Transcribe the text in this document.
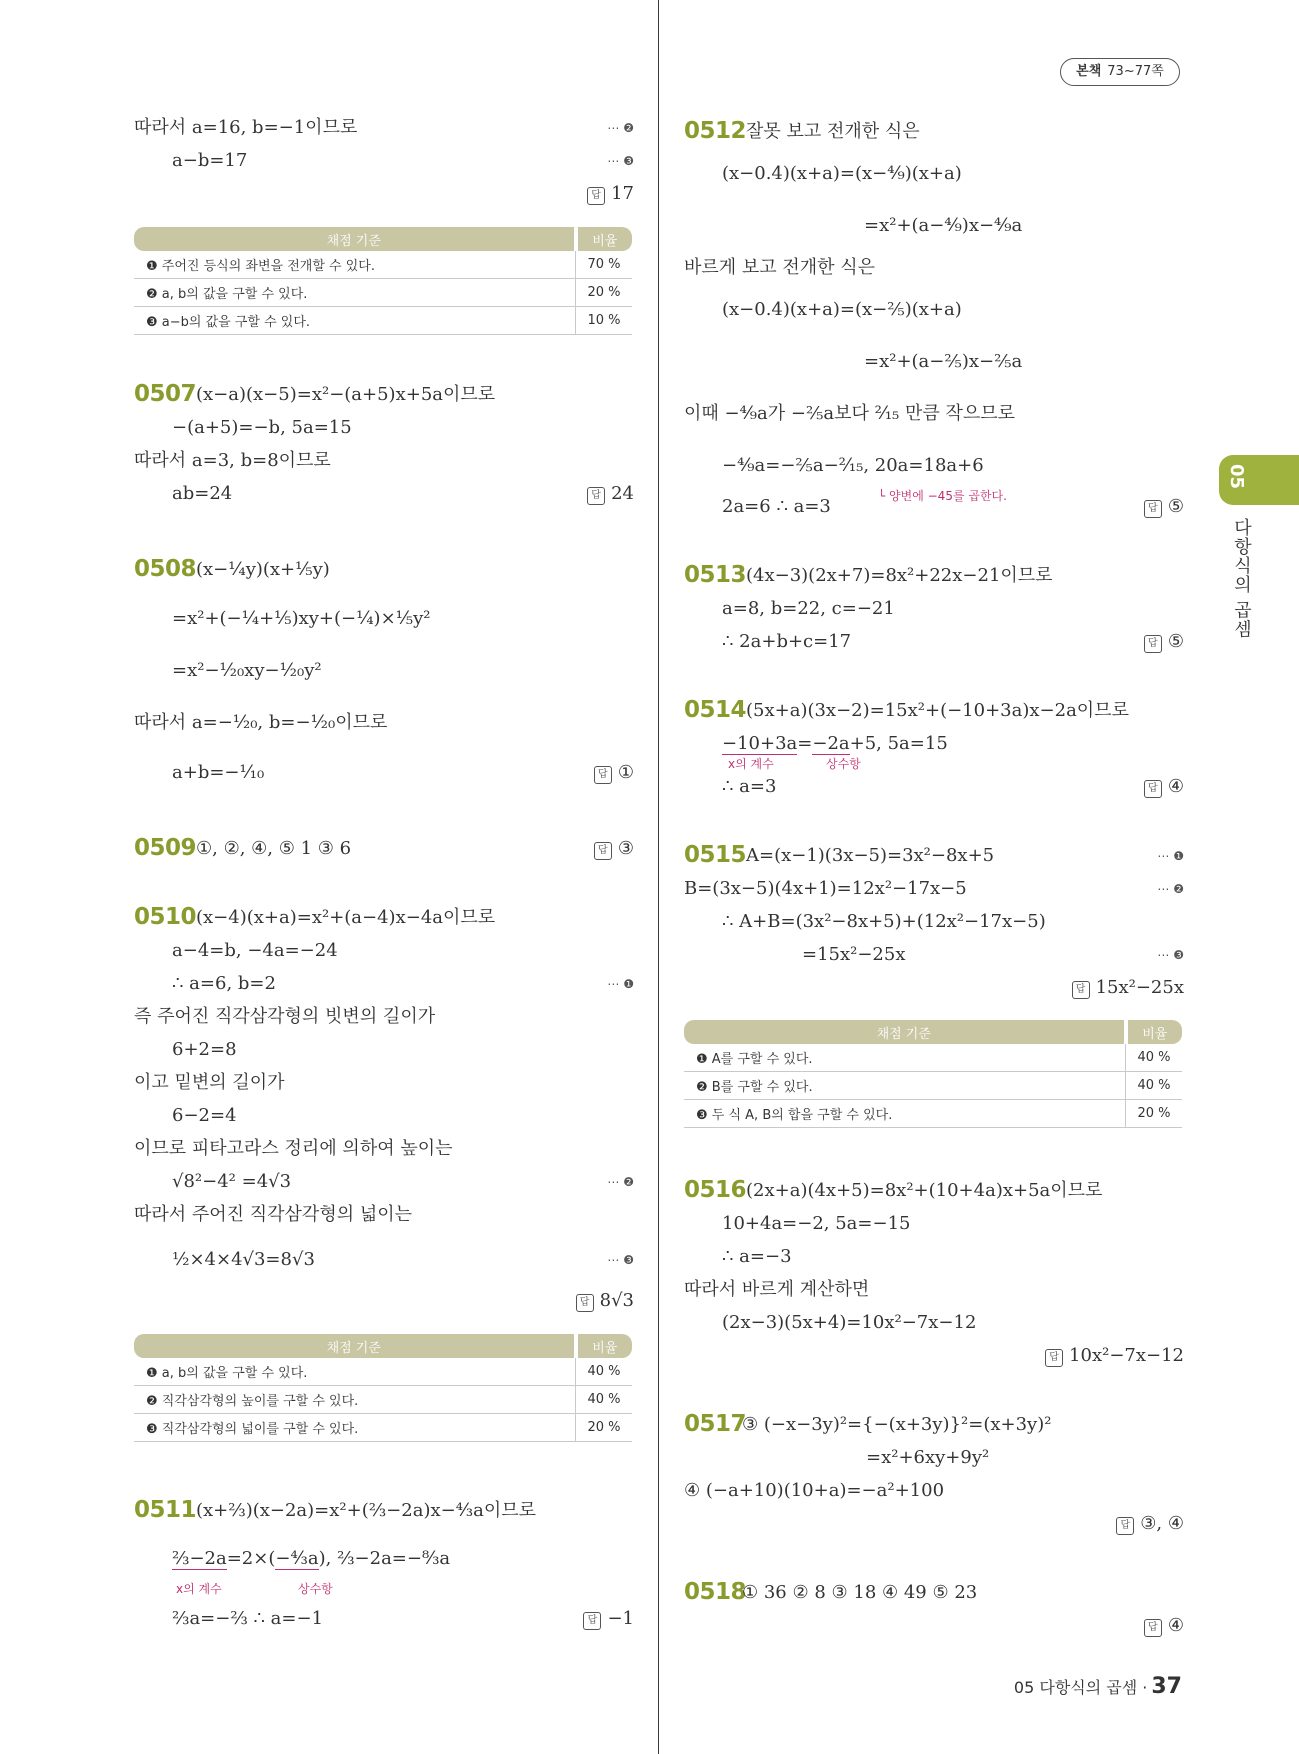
본책 73~77쪽
05
다항식의 곱셈
따라서 a=16, b=−1이므로	⋯ ❷
a−b=17	⋯ ❸
답 17
채점 기준	비율
❶ 주어진 등식의 좌변을 전개할 수 있다.	70 %
❷ a, b의 값을 구할 수 있다.	20 %
❸ a−b의 값을 구할 수 있다.	10 %
0507 (x−a)(x−5)=x²−(a+5)x+5a이므로
−(a+5)=−b, 5a=15
따라서 a=3, b=8이므로
ab=24	답 24
0508 (x−¹⁄₄y)(x+¹⁄₅y)
=x²+(−¹⁄₄+¹⁄₅)xy+(−¹⁄₄)×¹⁄₅y²
=x²−¹⁄₂₀xy−¹⁄₂₀y²
따라서 a=−¹⁄₂₀, b=−¹⁄₂₀이므로
a+b=−¹⁄₁₀	답 ①
0509 ①, ②, ④, ⑤ 1 ③ 6	답 ③
0510 (x−4)(x+a)=x²+(a−4)x−4a이므로
a−4=b, −4a=−24
∴ a=6, b=2	⋯ ❶
즉 주어진 직각삼각형의 빗변의 길이가
6+2=8
이고 밑변의 길이가
6−2=4
이므로 피타고라스 정리에 의하여 높이는
√8²−4² =4√3	⋯ ❷
따라서 주어진 직각삼각형의 넓이는
½×4×4√3=8√3	⋯ ❸
답 8√3
채점 기준	비율
❶ a, b의 값을 구할 수 있다.	40 %
❷ 직각삼각형의 높이를 구할 수 있다.	40 %
❸ 직각삼각형의 넓이를 구할 수 있다.	20 %
0511 (x+⅔)(x−2a)=x²+(⅔−2a)x−⁴⁄₃a이므로
⅔−2a=2×(−⁴⁄₃a), ⅔−2a=−⁸⁄₃a
x의 계수	상수항
⅔a=−⅔ ∴ a=−1	답 −1
0512 잘못 보고 전개한 식은
(x−0.4̇)(x+a)=(x−⁴⁄₉)(x+a)
=x²+(a−⁴⁄₉)x−⁴⁄₉a
바르게 보고 전개한 식은
(x−0.4)(x+a)=(x−⅖)(x+a)
=x²+(a−⅖)x−⅖a
이때 −⁴⁄₉a가 −⅖a보다 ²⁄₁₅ 만큼 작으므로
−⁴⁄₉a=−⅖a−²⁄₁₅, 20a=18a+6
└ 양변에 −45를 곱한다.
2a=6 ∴ a=3	답 ⑤
0513 (4x−3)(2x+7)=8x²+22x−21이므로
a=8, b=22, c=−21
∴ 2a+b+c=17	답 ⑤
0514 (5x+a)(3x−2)=15x²+(−10+3a)x−2a이므로
−10+3a=−2a+5, 5a=15
x의 계수	상수항
∴ a=3	답 ④
0515 A=(x−1)(3x−5)=3x²−8x+5	⋯ ❶
B=(3x−5)(4x+1)=12x²−17x−5	⋯ ❷
∴ A+B=(3x²−8x+5)+(12x²−17x−5)
=15x²−25x	⋯ ❸
답 15x²−25x
채점 기준	비율
❶ A를 구할 수 있다.	40 %
❷ B를 구할 수 있다.	40 %
❸ 두 식 A, B의 합을 구할 수 있다.	20 %
0516 (2x+a)(4x+5)=8x²+(10+4a)x+5a이므로
10+4a=−2, 5a=−15
∴ a=−3
따라서 바르게 계산하면
(2x−3)(5x+4)=10x²−7x−12
답 10x²−7x−12
0517
③ (−x−3y)²={−(x+3y)}²=(x+3y)²
=x²+6xy+9y²
④ (−a+10)(10+a)=−a²+100
답 ③, ④
0518
① 36 ② 8 ③ 18 ④ 49 ⑤ 23
답 ④
05 다항식의 곱셈 · 37
